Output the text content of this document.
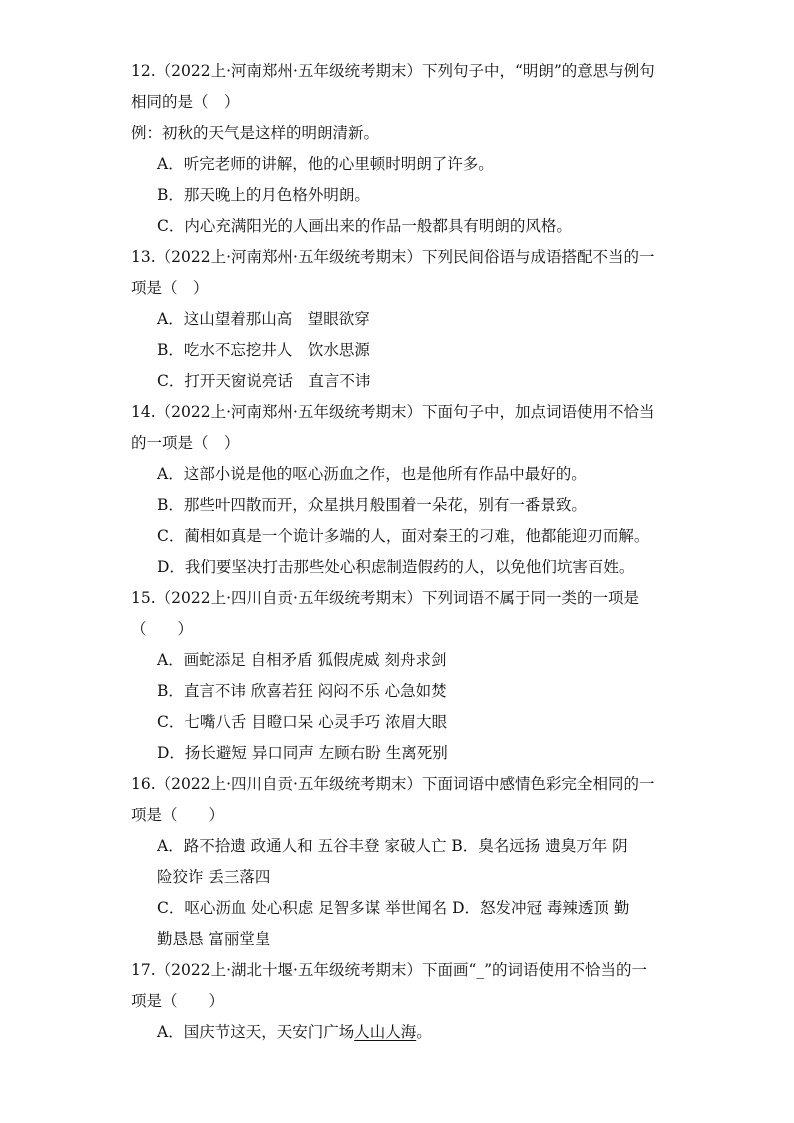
12.（2022上·河南郑州·五年级统考期末）下列句子中，“明朗”的意思与例句
相同的是（　）
例：初秋的天气是这样的明朗清新。
A．听完老师的讲解，他的心里顿时明朗了许多。
B．那天晚上的月色格外明朗。
C．内心充满阳光的人画出来的作品一般都具有明朗的风格。
13.（2022上·河南郑州·五年级统考期末）下列民间俗语与成语搭配不当的一
项是（　）
A．这山望着那山高　望眼欲穿
B．吃水不忘挖井人　饮水思源
C．打开天窗说亮话　直言不讳
14.（2022上·河南郑州·五年级统考期末）下面句子中，加点词语使用不恰当
的一项是（　）
A．这部小说是他的呕心沥血之作，也是他所有作品中最好的。
B．那些叶四散而开，众星拱月般围着一朵花，别有一番景致。
C．蔺相如真是一个诡计多端的人，面对秦王的刁难，他都能迎刃而解。
D．我们要坚决打击那些处心积虑制造假药的人，以免他们坑害百姓。
15.（2022上·四川自贡·五年级统考期末）下列词语不属于同一类的一项是
（　　）
A．画蛇添足 自相矛盾 狐假虎威 刻舟求剑
B．直言不讳 欣喜若狂 闷闷不乐 心急如焚
C．七嘴八舌 目瞪口呆 心灵手巧 浓眉大眼
D．扬长避短 异口同声 左顾右盼 生离死别
16.（2022上·四川自贡·五年级统考期末）下面词语中感情色彩完全相同的一
项是（　　）
A．路不拾遗 政通人和 五谷丰登 家破人亡 B．臭名远扬 遗臭万年 阴
险狡诈 丢三落四
C．呕心沥血 处心积虑 足智多谋 举世闻名 D．怒发冲冠 毒辣透顶 勤
勤恳恳 富丽堂皇
17.（2022上·湖北十堰·五年级统考期末）下面画“_”的词语使用不恰当的一
项是（　　）
A．国庆节这天，天安门广场人山人海。
